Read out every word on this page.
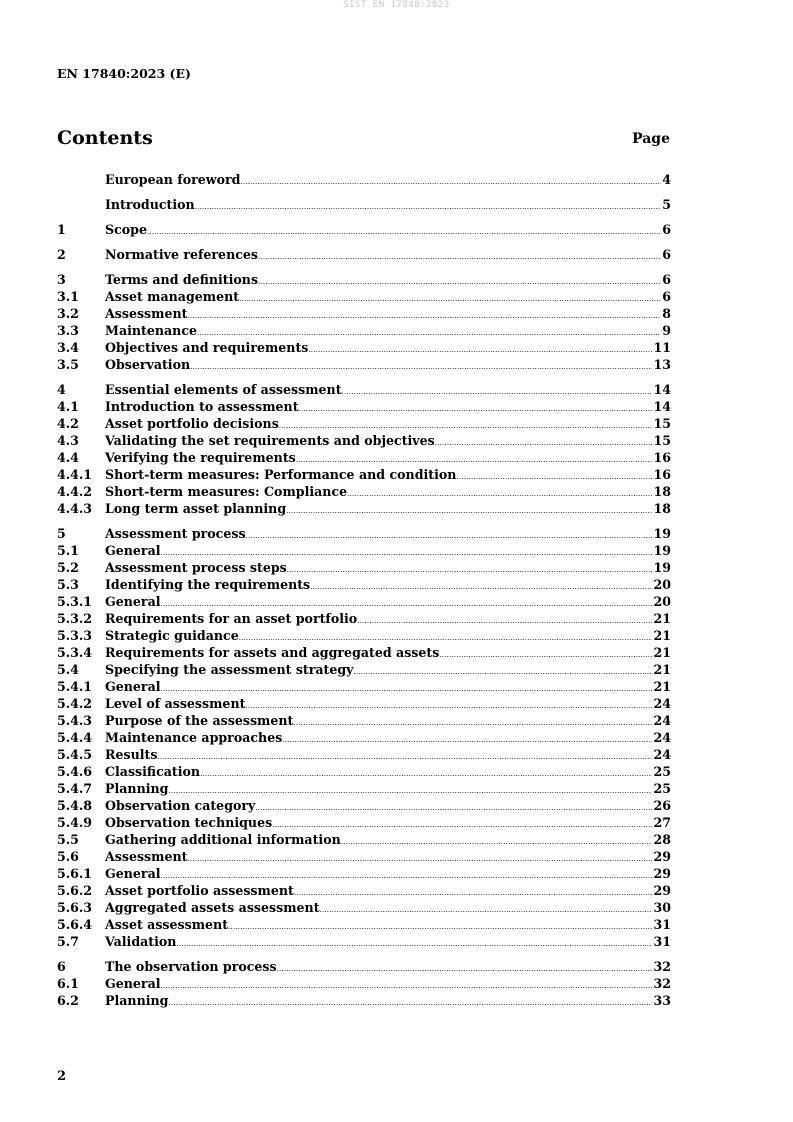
SIST EN 17840:2023
EN 17840:2023 (E)
Contents	Page
European foreword .....	4
Introduction .....	5
1	Scope .....	6
2	Normative references .....	6
3	Terms and definitions .....	6
3.1	Asset management .....	6
3.2	Assessment .....	8
3.3	Maintenance .....	9
3.4	Objectives and requirements .....	11
3.5	Observation .....	13
4	Essential elements of assessment .....	14
4.1	Introduction to assessment .....	14
4.2	Asset portfolio decisions .....	15
4.3	Validating the set requirements and objectives .....	15
4.4	Verifying the requirements .....	16
4.4.1	Short-term measures: Performance and condition .....	16
4.4.2	Short-term measures: Compliance .....	18
4.4.3	Long term asset planning .....	18
5	Assessment process .....	19
5.1	General .....	19
5.2	Assessment process steps .....	19
5.3	Identifying the requirements .....	20
5.3.1	General .....	20
5.3.2	Requirements for an asset portfolio .....	21
5.3.3	Strategic guidance .....	21
5.3.4	Requirements for assets and aggregated assets .....	21
5.4	Specifying the assessment strategy .....	21
5.4.1	General .....	21
5.4.2	Level of assessment .....	24
5.4.3	Purpose of the assessment .....	24
5.4.4	Maintenance approaches .....	24
5.4.5	Results .....	24
5.4.6	Classification .....	25
5.4.7	Planning .....	25
5.4.8	Observation category .....	26
5.4.9	Observation techniques .....	27
5.5	Gathering additional information .....	28
5.6	Assessment .....	29
5.6.1	General .....	29
5.6.2	Asset portfolio assessment .....	29
5.6.3	Aggregated assets assessment .....	30
5.6.4	Asset assessment .....	31
5.7	Validation .....	31
6	The observation process .....	32
6.1	General .....	32
6.2	Planning .....	33
2
